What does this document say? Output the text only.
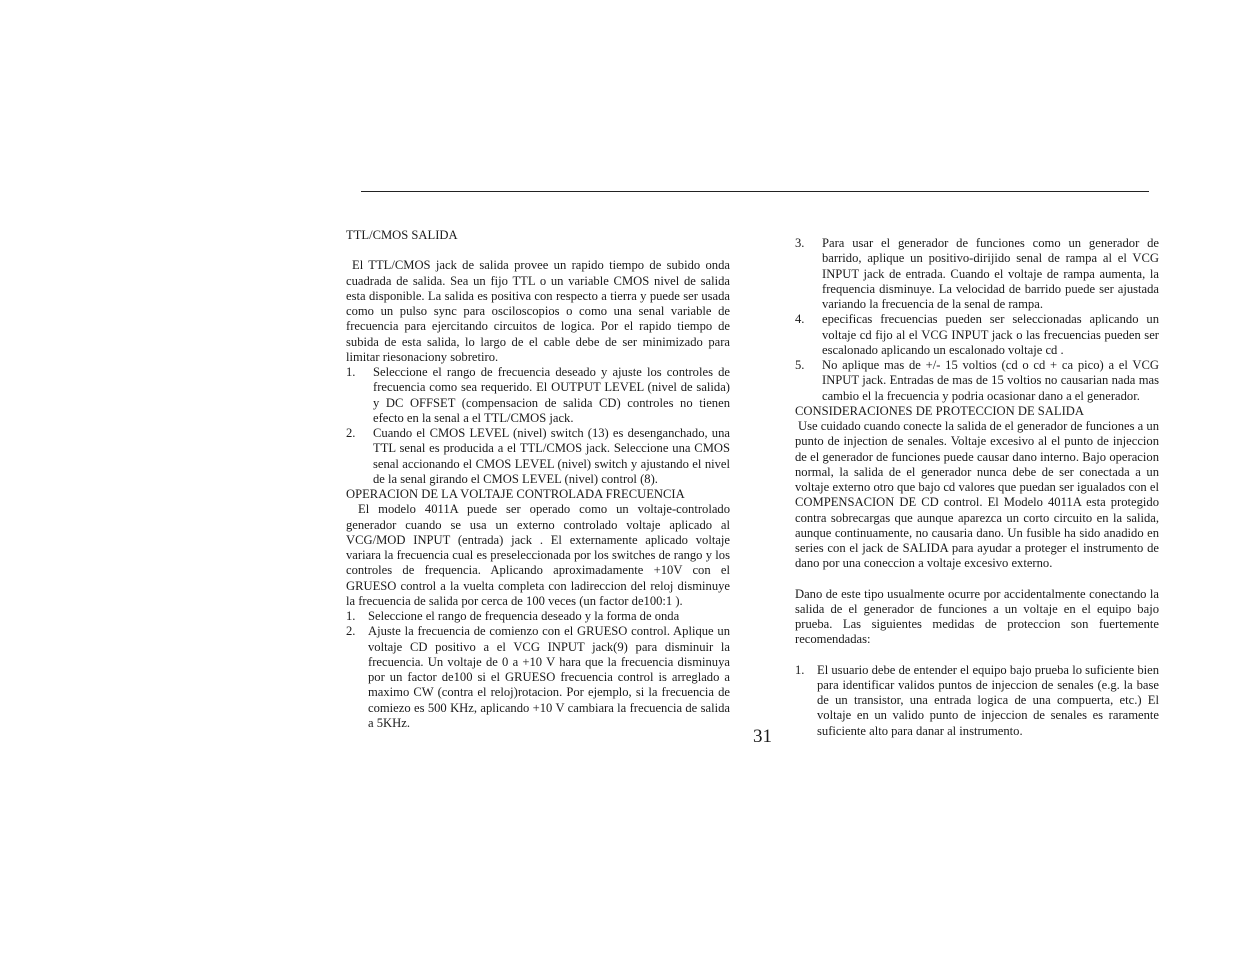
TTL/CMOS SALIDA

El TTL/CMOS jack de salida provee un rapido tiempo de subido onda cuadrada de salida. Sea un fijo TTL o un variable CMOS nivel de salida esta disponible. La salida es positiva con respecto a tierra y puede ser usada como un pulso sync para osciloscopios o como una senal variable de frecuencia para ejercitando circuitos de logica. Por el rapido tiempo de subida de esta salida, lo largo de el cable debe de ser minimizado para limitar riesonaciony sobretiro.

1. Seleccione el rango de frecuencia deseado y ajuste los controles de frecuencia como sea requerido. El OUTPUT LEVEL (nivel de salida) y DC OFFSET (compensacion de salida CD) controles no tienen efecto en la senal a el TTL/CMOS jack.
2. Cuando el CMOS LEVEL (nivel) switch (13) es desenganchado, una TTL senal es producida a el TTL/CMOS jack. Seleccione una CMOS senal accionando el CMOS LEVEL (nivel) switch y ajustando el nivel de la senal girando el CMOS LEVEL (nivel) control (8).

OPERACION DE LA VOLTAJE CONTROLADA FRECUENCIA

El modelo 4011A puede ser operado como un voltaje-controlado generador cuando se usa un externo controlado voltaje aplicado al VCG/MOD INPUT (entrada) jack . El externamente aplicado voltaje variara la frecuencia cual es preseleccionada por los switches de rango y los controles de frequencia. Aplicando aproximadamente +10V con el GRUESO control a la vuelta completa con ladireccion del reloj disminuye la frecuencia de salida por cerca de 100 veces (un factor de100:1 ).

1. Seleccione el rango de frequencia deseado y la forma de onda
2. Ajuste la frecuencia de comienzo con el GRUESO control. Aplique un voltaje CD positivo a el VCG INPUT jack(9) para disminuir la frecuencia. Un voltaje de 0 a +10 V hara que la frecuencia disminuya por un factor de100 si el GRUESO frecuencia control is arreglado a maximo CW (contra el reloj)rotacion. Por ejemplo, si la frecuencia de comiezo es 500 KHz, aplicando +10 V cambiara la frecuencia de salida a 5KHz.
31
3. Para usar el generador de funciones como un generador de barrido, aplique un positivo-dirijido senal de rampa al el VCG INPUT jack de entrada. Cuando el voltaje de rampa aumenta, la frequencia disminuye. La velocidad de barrido puede ser ajustada variando la frecuencia de la senal de rampa.
4. epecificas frecuencias pueden ser seleccionadas aplicando un voltaje cd fijo al el VCG INPUT jack o las frecuencias pueden ser escalonado aplicando un escalonado voltaje cd .
5. No aplique mas de +/- 15 voltios (cd o cd + ca pico) a el VCG INPUT jack. Entradas de mas de 15 voltios no causarian nada mas cambio el la frecuencia y podria ocasionar dano a el generador.

CONSIDERACIONES DE PROTECCION DE SALIDA

Use cuidado cuando conecte la salida de el generador de funciones a un punto de injection de senales. Voltaje excesivo al el punto de injeccion de el generador de funciones puede causar dano interno. Bajo operacion normal, la salida de el generador nunca debe de ser conectada a un voltaje externo otro que bajo cd valores que puedan ser igualados con el COMPENSACION DE CD control. El Modelo 4011A esta protegido contra sobrecargas que aunque aparezca un corto circuito en la salida, aunque continuamente, no causaria dano. Un fusible ha sido anadido en series con el jack de SALIDA para ayudar a proteger el instrumento de dano por una coneccion a voltaje excesivo externo.

Dano de este tipo usualmente ocurre por accidentalmente conectando la salida de el generador de funciones a un voltaje en el equipo bajo prueba. Las siguientes medidas de proteccion son fuertemente recomendadas:

1. El usuario debe de entender el equipo bajo prueba lo suficiente bien para identificar validos puntos de injeccion de senales (e.g. la base de un transistor, una entrada logica de una compuerta, etc.) El voltaje en un valido punto de injeccion de senales es raramente suficiente alto para danar al instrumento.
